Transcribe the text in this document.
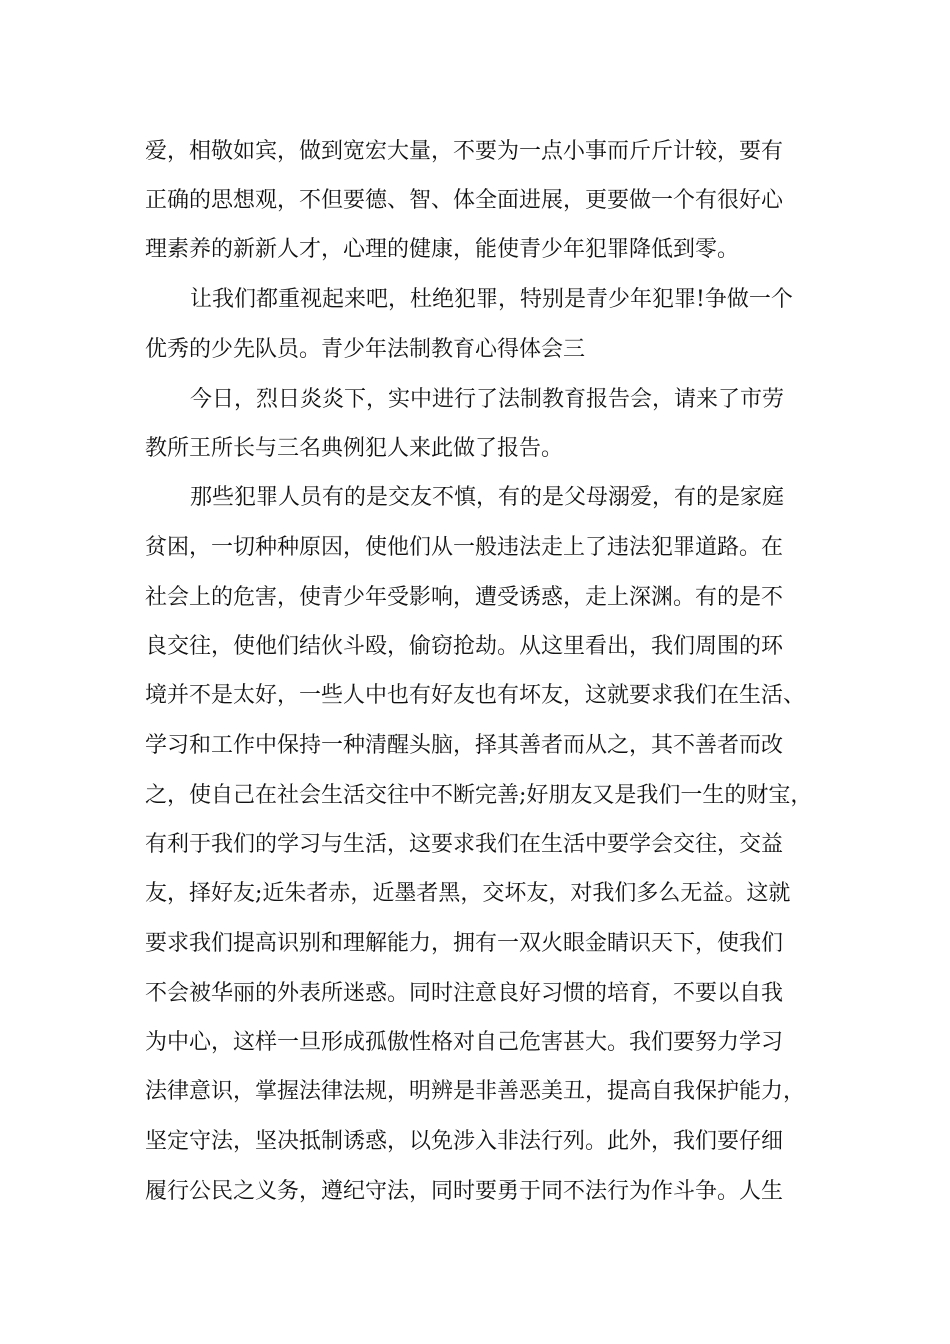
爱，相敬如宾，做到宽宏大量，不要为一点小事而斤斤计较，要有
正确的思想观，不但要德、智、体全面进展，更要做一个有很好心
理素养的新新人才，心理的健康，能使青少年犯罪降低到零。
让我们都重视起来吧，杜绝犯罪，特别是青少年犯罪!争做一个
优秀的少先队员。青少年法制教育心得体会三
今日，烈日炎炎下，实中进行了法制教育报告会，请来了市劳
教所王所长与三名典例犯人来此做了报告。
那些犯罪人员有的是交友不慎，有的是父母溺爱，有的是家庭
贫困，一切种种原因，使他们从一般违法走上了违法犯罪道路。在
社会上的危害，使青少年受影响，遭受诱惑，走上深渊。有的是不
良交往，使他们结伙斗殴，偷窃抢劫。从这里看出，我们周围的环
境并不是太好，一些人中也有好友也有坏友，这就要求我们在生活、
学习和工作中保持一种清醒头脑，择其善者而从之，其不善者而改
之，使自己在社会生活交往中不断完善;好朋友又是我们一生的财宝，
有利于我们的学习与生活，这要求我们在生活中要学会交往，交益
友，择好友;近朱者赤，近墨者黑，交坏友，对我们多么无益。这就
要求我们提高识别和理解能力，拥有一双火眼金睛识天下，使我们
不会被华丽的外表所迷惑。同时注意良好习惯的培育，不要以自我
为中心，这样一旦形成孤傲性格对自己危害甚大。我们要努力学习
法律意识，掌握法律法规，明辨是非善恶美丑，提高自我保护能力，
坚定守法，坚决抵制诱惑，以免涉入非法行列。此外，我们要仔细
履行公民之义务，遵纪守法，同时要勇于同不法行为作斗争。人生
